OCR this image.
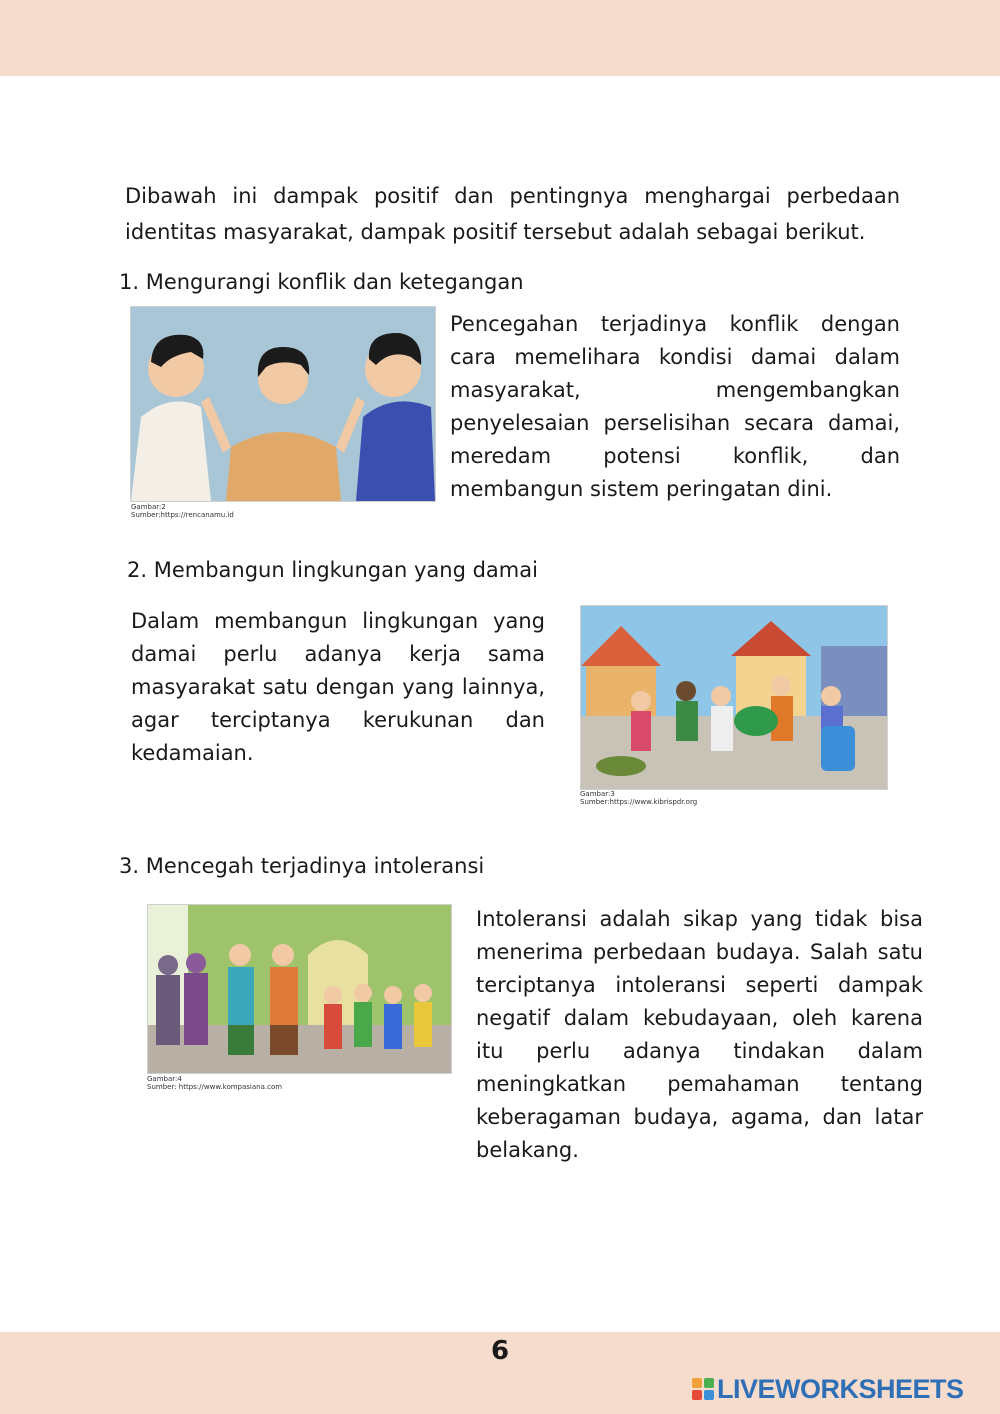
Dibawah ini dampak positif dan pentingnya menghargai perbedaan identitas masyarakat, dampak positif tersebut adalah sebagai berikut.
1. Mengurangi konflik dan ketegangan
Gambar:2
Sumber:https://rencanamu.id
Pencegahan terjadinya konflik dengan cara memelihara kondisi damai dalam masyarakat, mengembangkan penyelesaian perselisihan secara damai, meredam potensi konflik, dan membangun sistem peringatan dini.
2. Membangun lingkungan yang damai
Dalam membangun lingkungan yang damai perlu adanya kerja sama masyarakat satu dengan yang lainnya, agar terciptanya kerukunan dan kedamaian.
Gambar:3
Sumber:https://www.kibrispdr.org
3. Mencegah terjadinya intoleransi
Gambar:4
Sumber: https://www.kompasiana.com
Intoleransi adalah sikap yang tidak bisa menerima perbedaan budaya. Salah satu terciptanya intoleransi seperti dampak negatif dalam kebudayaan, oleh karena itu perlu adanya tindakan dalam meningkatkan pemahaman tentang keberagaman budaya, agama, dan latar belakang.
6
LIVEWORKSHEETS
